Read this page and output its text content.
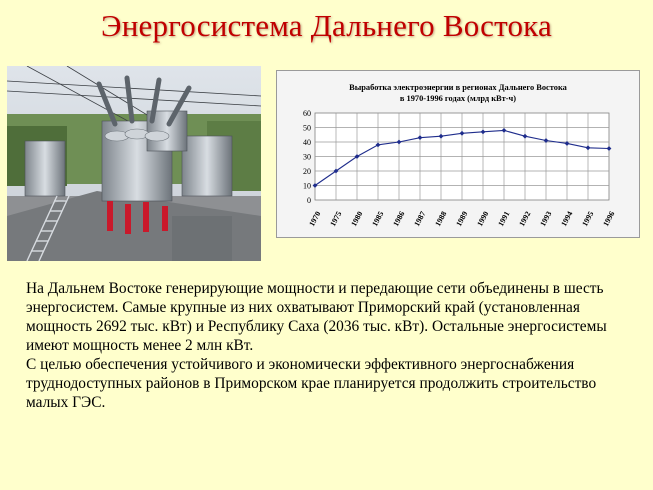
Энергосистема Дальнего Востока
Выработка электроэнергии в регионах Дальнего Востока
в 1970-1996 годах (млрд кВт-ч)
0
10
20
30
40
50
60
1970 1975 1980 1985 1986 1987 1988 1989 1990 1991 1992 1993 1994 1995 1996

На Дальнем Востоке генерирующие мощности и передающие сети объединены в шесть энергосистем. Самые крупные из них охватывают Приморский край (установленная мощность 2692 тыс. кВт) и Республику Саха (2036 тыс. кВт). Остальные энергосистемы имеют мощность менее 2 млн кВт.

С целью обеспечения устойчивого и экономически эффективного энергоснабжения труднодоступных районов в Приморском крае планируется продолжить строительство малых ГЭС.
